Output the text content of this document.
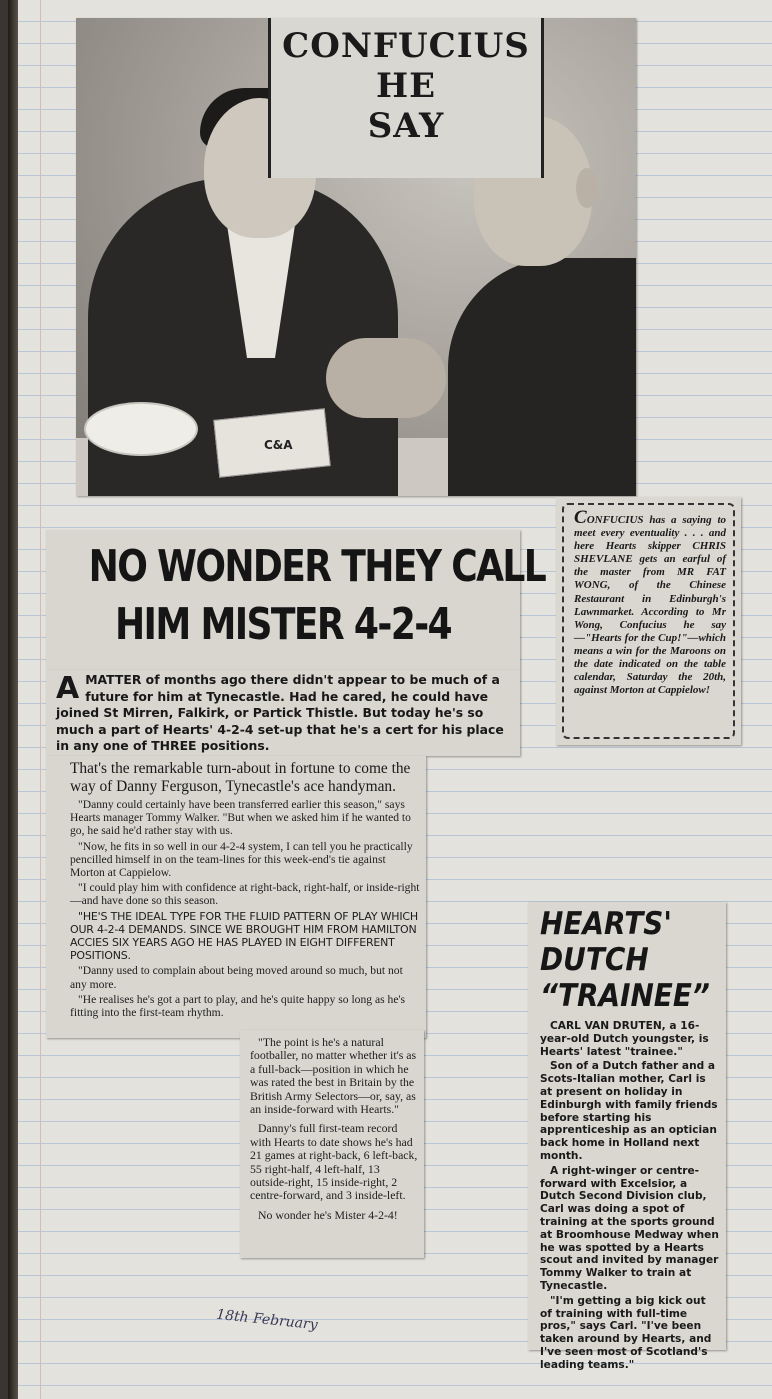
C&A
CONFUCIUS
HE
SAY
NO WONDER THEY CALL
HIM MISTER 4-2-4

AMATTER of months ago there didn't appear to be much of a future for him at Tynecastle. Had he cared, he could have joined St Mirren, Falkirk, or Partick Thistle. But today he's so much a part of Hearts' 4-2-4 set-up that he's a cert for his place in any one of THREE positions.

That's the remarkable turn-about in fortune to come the way of Danny Ferguson, Tynecastle's ace handyman.

"Danny could certainly have been transferred earlier this season," says Hearts manager Tommy Walker. "But when we asked him if he wanted to go, he said he'd rather stay with us.

"Now, he fits in so well in our 4-2-4 system, I can tell you he practically pencilled himself in on the team-lines for this week-end's tie against Morton at Cappielow.

"I could play him with confidence at right-back, right-half, or inside-right—and have done so this season.

"HE'S THE IDEAL TYPE FOR THE FLUID PATTERN OF PLAY WHICH OUR 4-2-4 DEMANDS. SINCE WE BROUGHT HIM FROM HAMILTON ACCIES SIX YEARS AGO HE HAS PLAYED IN EIGHT DIFFERENT POSITIONS.

"Danny used to complain about being moved around so much, but not any more.

"He realises he's got a part to play, and he's quite happy so long as he's fitting into the first-team rhythm.

"The point is he's a natural footballer, no matter whether it's as a full-back—position in which he was rated the best in Britain by the British Army Selectors—or, say, as an inside-forward with Hearts."

Danny's full first-team record with Hearts to date shows he's had 21 games at right-back, 6 left-back, 55 right-half, 4 left-half, 13 outside-right, 15 inside-right, 2 centre-forward, and 3 inside-left.

No wonder he's Mister 4-2-4!

CONFUCIUS has a saying to meet every eventuality . . . and here Hearts skipper CHRIS SHEVLANE gets an earful of the master from MR FAT WONG, of the Chinese Restaurant in Edinburgh's Lawnmarket. According to Mr Wong, Confucius he say—"Hearts for the Cup!"—which means a win for the Maroons on the date indicated on the table calendar, Saturday the 20th, against Morton at Cappielow!

HEARTS'
DUTCH
“TRAINEE”

CARL VAN DRUTEN, a 16-year-old Dutch youngster, is Hearts' latest "trainee."

Son of a Dutch father and a Scots-Italian mother, Carl is at present on holiday in Edinburgh with family friends before starting his apprenticeship as an optician back home in Holland next month.

A right-winger or centre-forward with Excelsior, a Dutch Second Division club, Carl was doing a spot of training at the sports ground at Broomhouse Medway when he was spotted by a Hearts scout and invited by manager Tommy Walker to train at Tynecastle.

"I'm getting a big kick out of training with full-time pros," says Carl. "I've been taken around by Hearts, and I've seen most of Scotland's leading teams."

18th February
